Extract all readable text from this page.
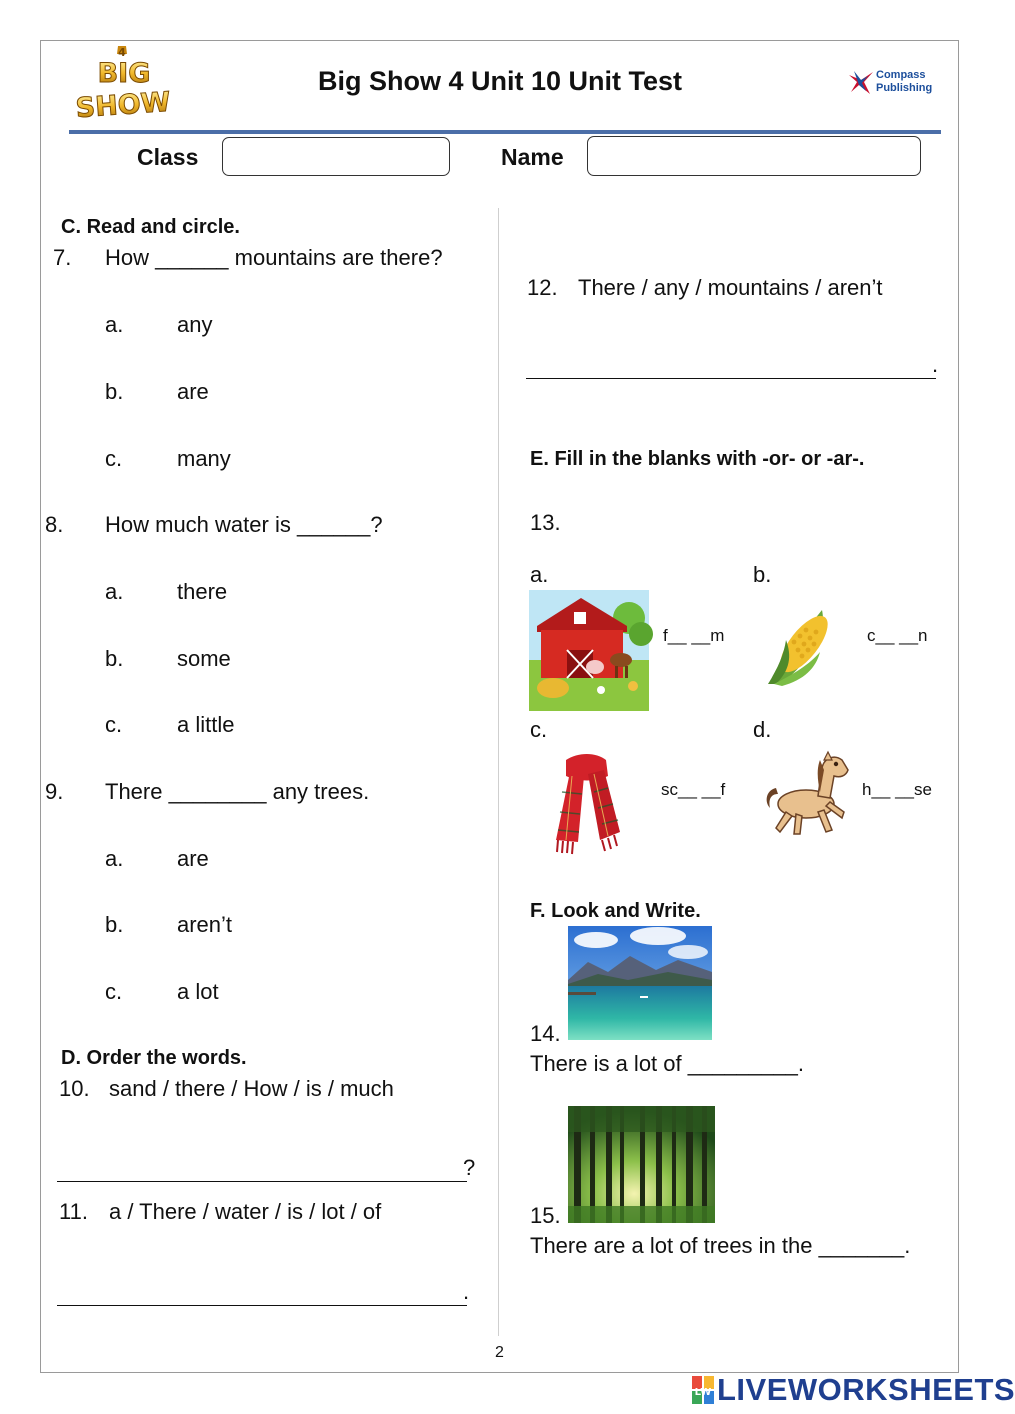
4
BIG
SHOW
Big Show 4 Unit 10 Unit Test	Compass
Publishing
Class	Name
C. Read and circle.
7. How ______ mountains are there?
a. any
b. are
c. many
8. How much water is ______?
a. there
b. some
c. a little
9. There ________ any trees.
a. are
b. aren’t
c. a lot
D. Order the words.
10. sand / there / How / is / much
?
11. a / There / water / is / lot / of
.
12. There / any / mountains / aren’t
.
E. Fill in the blanks with -or- or -ar-.
13.
a.	b.
c.	d.
f__ __m	c__ __n
sc__ __f	h__ __se
F. Look and Write.
14.
There is a lot of _________.
15.
There are a lot of trees in the _______.
2
LW LIVEWORKSHEETS
